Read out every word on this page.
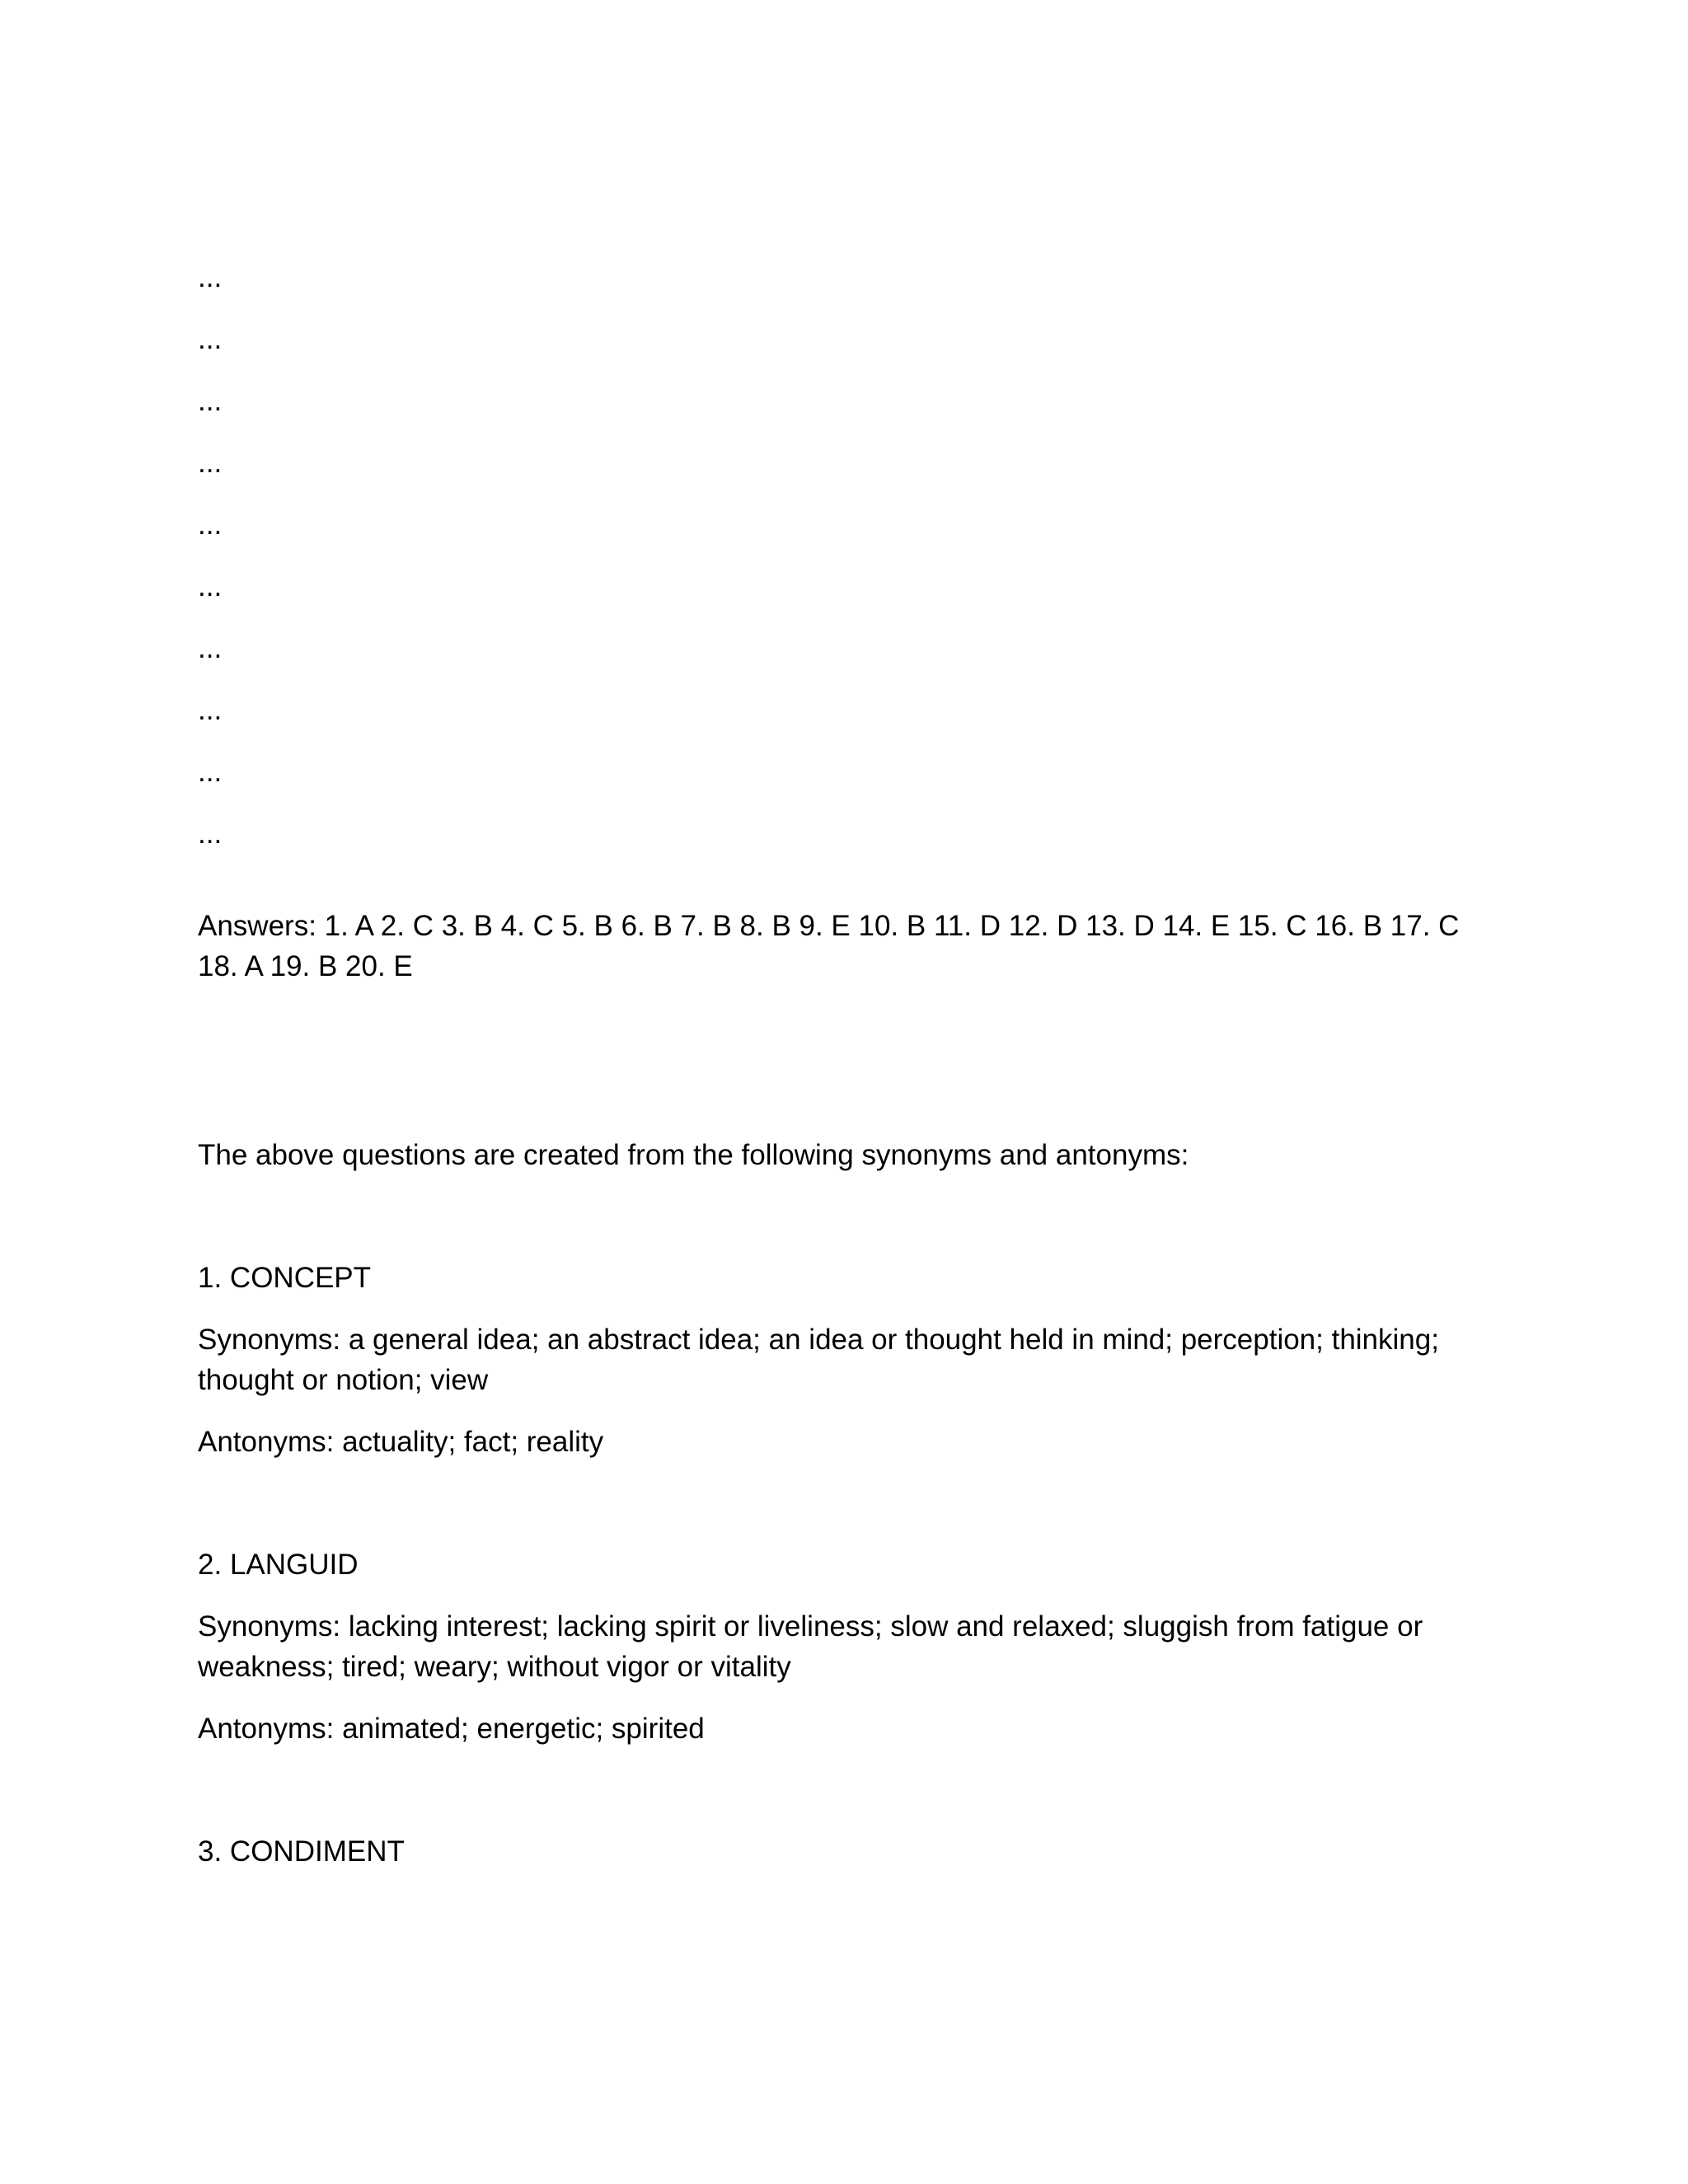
...
...
...
...
...
...
...
...
...
...
Answers: 1. A 2. C 3. B 4. C 5. B 6. B 7. B 8. B 9. E 10. B 11. D 12. D 13. D 14. E 15. C 16. B 17. C 18. A 19. B 20. E
The above questions are created from the following synonyms and antonyms:
1. CONCEPT
Synonyms: a general idea; an abstract idea; an idea or thought held in mind; perception; thinking; thought or notion; view
Antonyms: actuality; fact; reality
2. LANGUID
Synonyms: lacking interest; lacking spirit or liveliness; slow and relaxed; sluggish from fatigue or weakness; tired; weary; without vigor or vitality
Antonyms: animated; energetic; spirited
3. CONDIMENT
